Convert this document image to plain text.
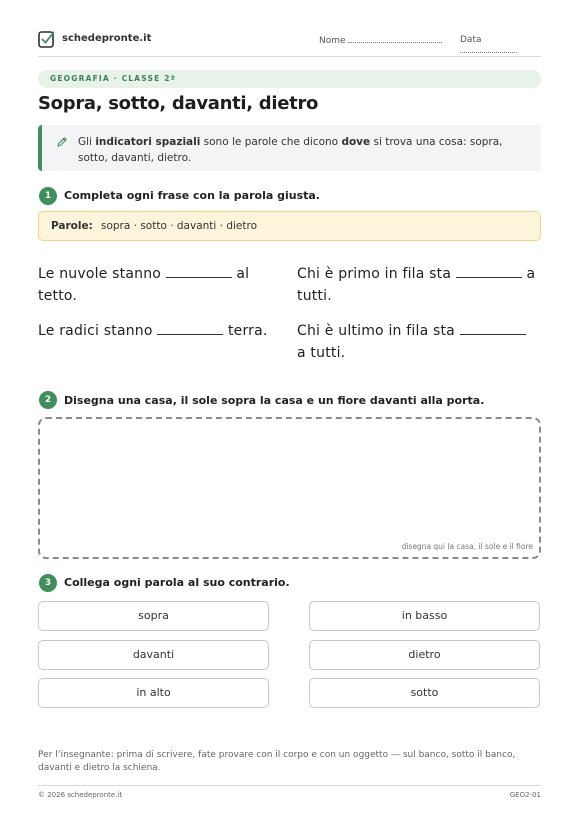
schedepronte.it	Nome	Data
GEOGRAFIA · CLASSE 2ª
Sopra, sotto, davanti, dietro
Gli indicatori spaziali sono le parole che dicono dove si trova una cosa: sopra, sotto, davanti, dietro.
1	Completa ogni frase con la parola giusta.
Parole: sopra · sotto · davanti · dietro
Le nuvole stanno	al tetto.
Chi è primo in fila sta	a tutti.
Le radici stanno	terra.	Chi è ultimo in fila sta  a tutti.
2	Disegna una casa, il sole sopra la casa e un fiore davanti alla porta.
disegna qui la casa, il sole e il fiore
3	Collega ogni parola al suo contrario.
sopra
davanti
in alto
in basso
dietro
sotto
Per l’insegnante: prima di scrivere, fate provare con il corpo e con un oggetto — sul banco, sotto il banco, davanti e dietro la schiena.
© 2026 schedepronte.it	GEO2-01
